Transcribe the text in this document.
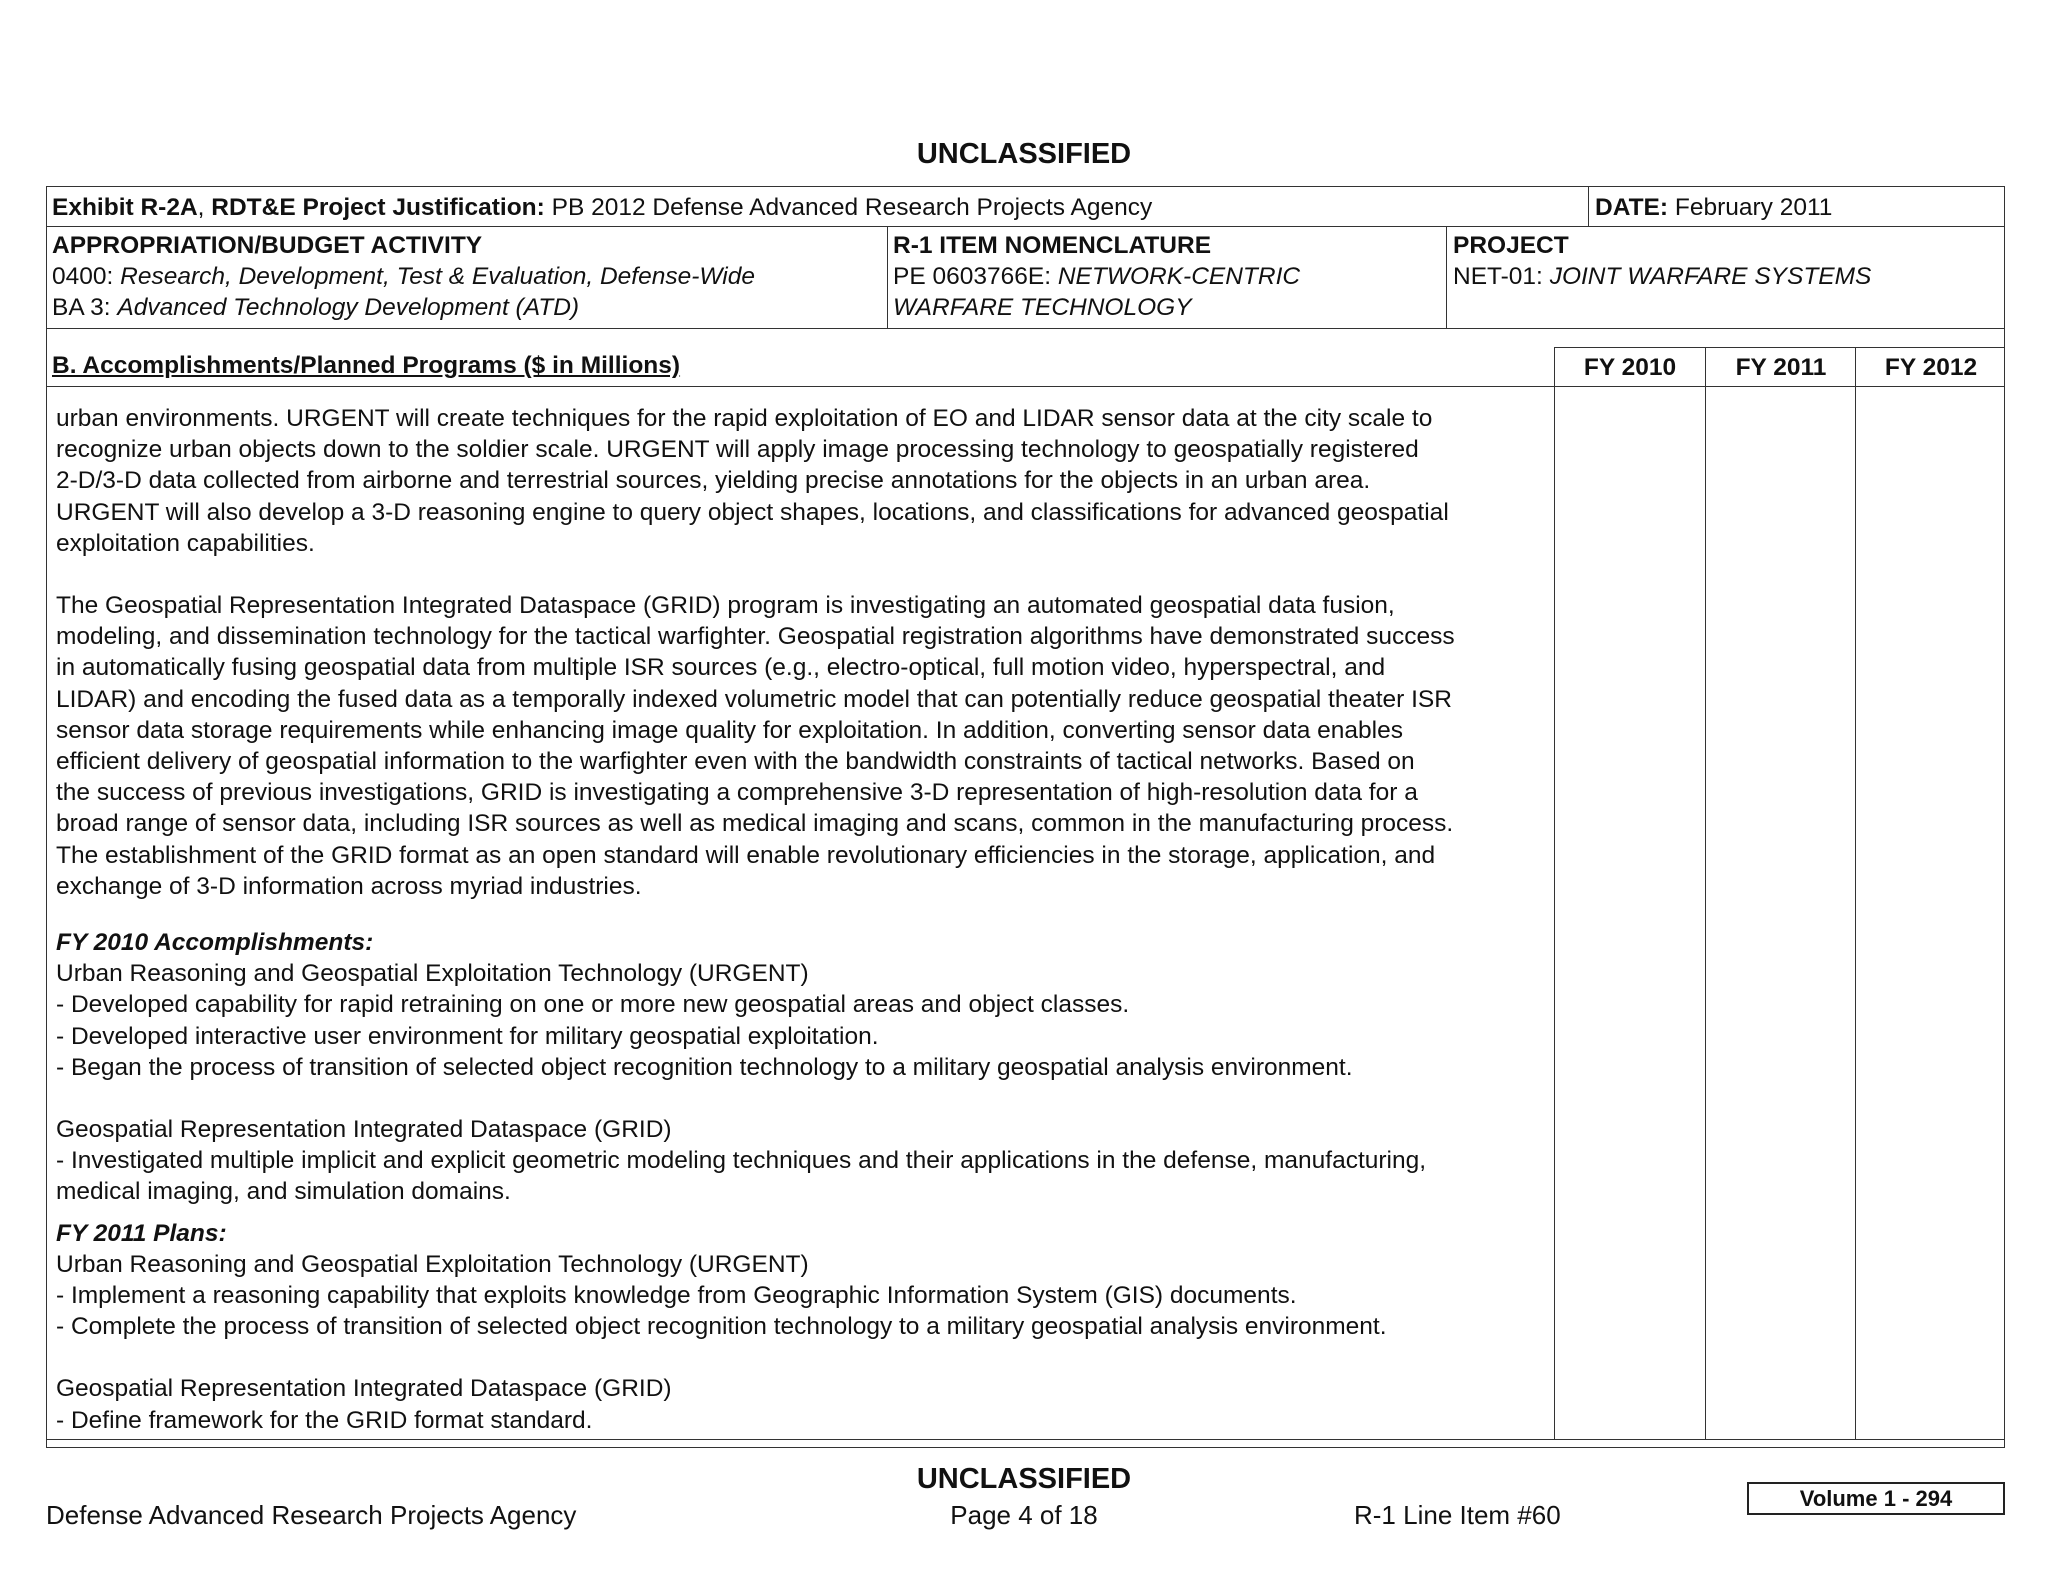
UNCLASSIFIED
Exhibit R-2A, RDT&E Project Justification: PB 2012 Defense Advanced Research Projects Agency	DATE: February 2011
APPROPRIATION/BUDGET ACTIVITY
0400: Research, Development, Test & Evaluation, Defense-Wide
BA 3: Advanced Technology Development (ATD)
R-1 ITEM NOMENCLATURE
PE 0603766E: NETWORK-CENTRIC
WARFARE TECHNOLOGY
PROJECT
NET-01: JOINT WARFARE SYSTEMS
B. Accomplishments/Planned Programs ($ in Millions)	FY 2010	FY 2011	FY 2012

urban environments. URGENT will create techniques for the rapid exploitation of EO and LIDAR sensor data at the city scale to

recognize urban objects down to the soldier scale. URGENT will apply image processing technology to geospatially registered

2-D/3-D data collected from airborne and terrestrial sources, yielding precise annotations for the objects in an urban area.

URGENT will also develop a 3-D reasoning engine to query object shapes, locations, and classifications for advanced geospatial

exploitation capabilities.

The Geospatial Representation Integrated Dataspace (GRID) program is investigating an automated geospatial data fusion,

modeling, and dissemination technology for the tactical warfighter. Geospatial registration algorithms have demonstrated success

in automatically fusing geospatial data from multiple ISR sources (e.g., electro-optical, full motion video, hyperspectral, and

LIDAR) and encoding the fused data as a temporally indexed volumetric model that can potentially reduce geospatial theater ISR

sensor data storage requirements while enhancing image quality for exploitation. In addition, converting sensor data enables

efficient delivery of geospatial information to the warfighter even with the bandwidth constraints of tactical networks. Based on

the success of previous investigations, GRID is investigating a comprehensive 3-D representation of high-resolution data for a

broad range of sensor data, including ISR sources as well as medical imaging and scans, common in the manufacturing process.

The establishment of the GRID format as an open standard will enable revolutionary efficiencies in the storage, application, and

exchange of 3-D information across myriad industries.

FY 2010 Accomplishments:

Urban Reasoning and Geospatial Exploitation Technology (URGENT)

- Developed capability for rapid retraining on one or more new geospatial areas and object classes.

- Developed interactive user environment for military geospatial exploitation.

- Began the process of transition of selected object recognition technology to a military geospatial analysis environment.

Geospatial Representation Integrated Dataspace (GRID)

- Investigated multiple implicit and explicit geometric modeling techniques and their applications in the defense, manufacturing,

medical imaging, and simulation domains.

FY 2011 Plans:

Urban Reasoning and Geospatial Exploitation Technology (URGENT)

- Implement a reasoning capability that exploits knowledge from Geographic Information System (GIS) documents.

- Complete the process of transition of selected object recognition technology to a military geospatial analysis environment.

Geospatial Representation Integrated Dataspace (GRID)

- Define framework for the GRID format standard.

UNCLASSIFIED
Defense Advanced Research Projects Agency	Page 4 of 18	R-1 Line Item #60
Volume 1 - 294
